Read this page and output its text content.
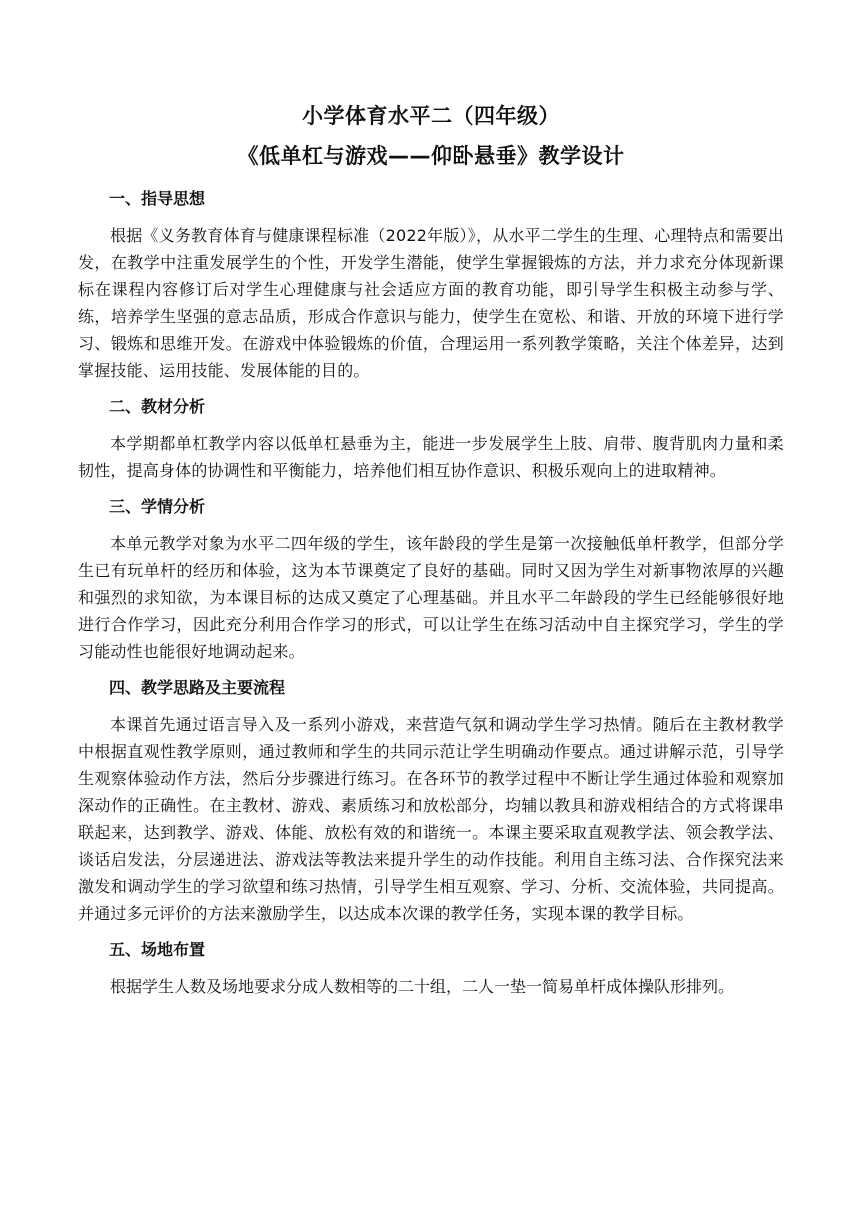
小学体育水平二（四年级）
《低单杠与游戏——仰卧悬垂》教学设计
一、指导思想

根据《义务教育体育与健康课程标准（2022年版）》，从水平二学生的生理、心理特点和需要出发，在教学中注重发展学生的个性，开发学生潜能，使学生掌握锻炼的方法，并力求充分体现新课标在课程内容修订后对学生心理健康与社会适应方面的教育功能，即引导学生积极主动参与学、练，培养学生坚强的意志品质，形成合作意识与能力，使学生在宽松、和谐、开放的环境下进行学习、锻炼和思维开发。在游戏中体验锻炼的价值，合理运用一系列教学策略，关注个体差异，达到掌握技能、运用技能、发展体能的目的。

二、教材分析

本学期都单杠教学内容以低单杠悬垂为主，能进一步发展学生上肢、肩带、腹背肌肉力量和柔韧性，提高身体的协调性和平衡能力，培养他们相互协作意识、积极乐观向上的进取精神。

三、学情分析

本单元教学对象为水平二四年级的学生，该年龄段的学生是第一次接触低单杆教学，但部分学生已有玩单杆的经历和体验，这为本节课奠定了良好的基础。同时又因为学生对新事物浓厚的兴趣和强烈的求知欲，为本课目标的达成又奠定了心理基础。并且水平二年龄段的学生已经能够很好地进行合作学习，因此充分利用合作学习的形式，可以让学生在练习活动中自主探究学习，学生的学习能动性也能很好地调动起来。

四、教学思路及主要流程

本课首先通过语言导入及一系列小游戏，来营造气氛和调动学生学习热情。随后在主教材教学中根据直观性教学原则，通过教师和学生的共同示范让学生明确动作要点。通过讲解示范，引导学生观察体验动作方法，然后分步骤进行练习。在各环节的教学过程中不断让学生通过体验和观察加深动作的正确性。在主教材、游戏、素质练习和放松部分，均辅以教具和游戏相结合的方式将课串联起来，达到教学、游戏、体能、放松有效的和谐统一。本课主要采取直观教学法、领会教学法、谈话启发法，分层递进法、游戏法等教法来提升学生的动作技能。利用自主练习法、合作探究法来激发和调动学生的学习欲望和练习热情，引导学生相互观察、学习、分析、交流体验，共同提高。并通过多元评价的方法来激励学生，以达成本次课的教学任务，实现本课的教学目标。

五、场地布置

根据学生人数及场地要求分成人数相等的二十组，二人一垫一简易单杆成体操队形排列。
